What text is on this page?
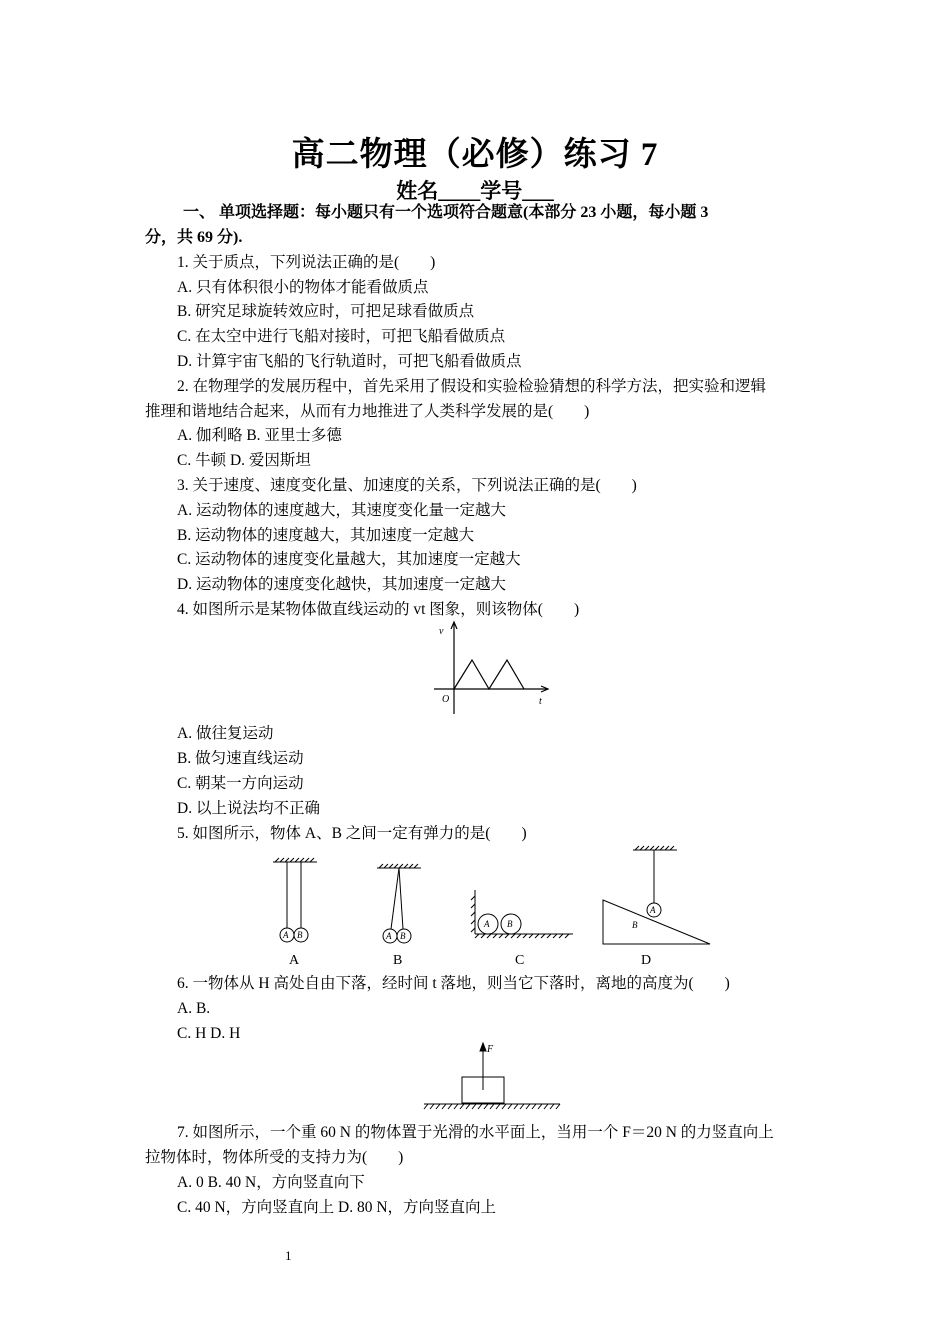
高二物理（必修）练习 7
姓名____学号___
一、 单项选择题：每小题只有一个选项符合题意(本部分 23 小题，每小题 3
分，共 69 分).
1. 关于质点，下列说法正确的是(　　)
A. 只有体积很小的物体才能看做质点
B. 研究足球旋转效应时，可把足球看做质点
C. 在太空中进行飞船对接时，可把飞船看做质点
D. 计算宇宙飞船的飞行轨道时，可把飞船看做质点
2. 在物理学的发展历程中，首先采用了假设和实验检验猜想的科学方法，把实验和逻辑
推理和谐地结合起来，从而有力地推进了人类科学发展的是(　　)
A. 伽利略 B. 亚里士多德
C. 牛顿 D. 爱因斯坦
3. 关于速度、速度变化量、加速度的关系，下列说法正确的是(　　)
A. 运动物体的速度越大，其速度变化量一定越大
B. 运动物体的速度越大，其加速度一定越大
C. 运动物体的速度变化量越大，其加速度一定越大
D. 运动物体的速度变化越快，其加速度一定越大
4. 如图所示是某物体做直线运动的 vt 图象，则该物体(　　)
v
t
O
A. 做往复运动
B. 做匀速直线运动
C. 朝某一方向运动
D. 以上说法均不正确
5. 如图所示，物体 A、B 之间一定有弹力的是(　　)
A B	A B
A B
A
B
A	B	C	D
6. 一物体从 H 高处自由下落，经时间 t 落地，则当它下落时，离地的高度为(　　)
A. B.
C. H D. H
F
7. 如图所示，一个重 60 N 的物体置于光滑的水平面上，当用一个 F＝20 N 的力竖直向上
拉物体时，物体所受的支持力为(　　)
A. 0 B. 40 N，方向竖直向下
C. 40 N，方向竖直向上 D. 80 N，方向竖直向上
1
